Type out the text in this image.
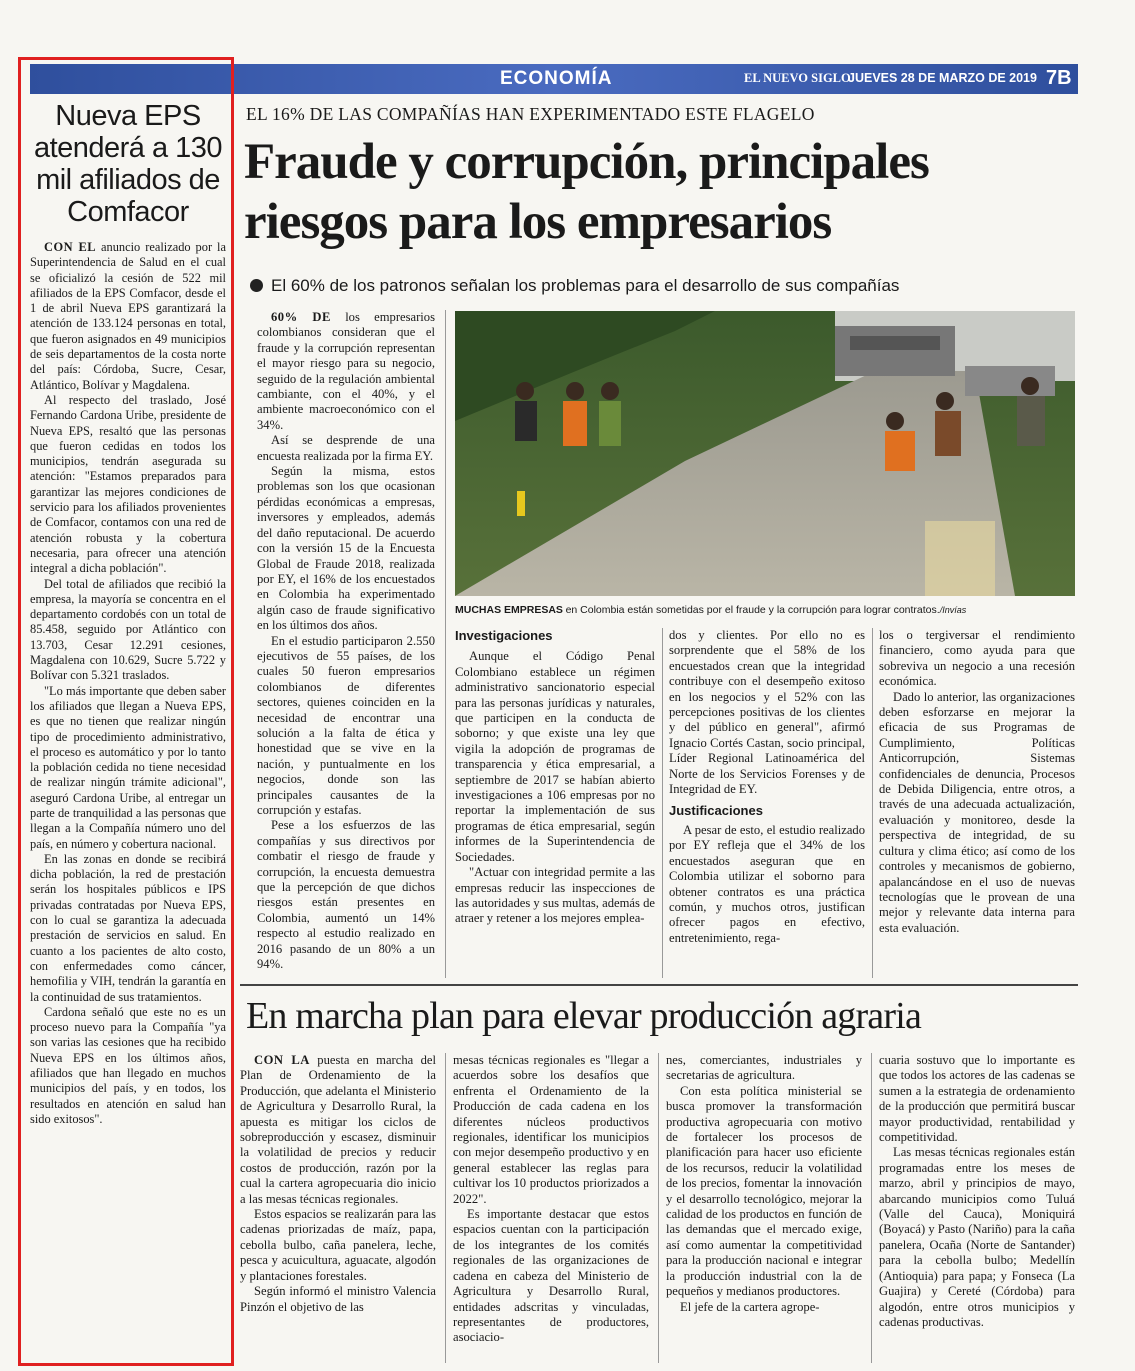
ECONOMÍA	EL NUEVO SIGLO
JUEVES 28 DE MARZO DE 2019 7B
Nueva EPS atenderá a 130 mil afiliados de Comfacor

CON EL anuncio realizado por la Superintendencia de Salud en el cual se oficializó la cesión de 522 mil afiliados de la EPS Comfacor, desde el 1 de abril Nueva EPS garantizará la atención de 133.124 personas en total, que fueron asignados en 49 municipios de seis departamentos de la costa norte del país: Córdoba, Sucre, Cesar, Atlántico, Bolívar y Magdalena.

Al respecto del traslado, José Fernando Cardona Uribe, presidente de Nueva EPS, resaltó que las personas que fueron cedidas en todos los municipios, tendrán asegurada su atención: "Estamos preparados para garantizar las mejores condiciones de servicio para los afiliados provenientes de Comfacor, contamos con una red de atención robusta y la cobertura necesaria, para ofrecer una atención integral a dicha población".

Del total de afiliados que recibió la empresa, la mayoría se concentra en el departamento cordobés con un total de 85.458, seguido por Atlántico con 13.703, Cesar 12.291 cesiones, Magdalena con 10.629, Sucre 5.722 y Bolívar con 5.321 traslados.

"Lo más importante que deben saber los afiliados que llegan a Nueva EPS, es que no tienen que realizar ningún tipo de procedimiento administrativo, el proceso es automático y por lo tanto la población cedida no tiene necesidad de realizar ningún trámite adicional", aseguró Cardona Uribe, al entregar un parte de tranquilidad a las personas que llegan a la Compañía número uno del país, en número y cobertura nacional.

En las zonas en donde se recibirá dicha población, la red de prestación serán los hospitales públicos e IPS privadas contratadas por Nueva EPS, con lo cual se garantiza la adecuada prestación de servicios en salud. En cuanto a los pacientes de alto costo, con enfermedades como cáncer, hemofilia y VIH, tendrán la garantía en la continuidad de sus tratamientos.

Cardona señaló que este no es un proceso nuevo para la Compañía "ya son varias las cesiones que ha recibido Nueva EPS en los últimos años, afiliados que han llegado en muchos municipios del país, y en todos, los resultados en atención en salud han sido exitosos".

EL 16% DE LAS COMPAÑÍAS HAN EXPERIMENTADO ESTE FLAGELO
Fraude y corrupción, principales riesgos para los empresarios
El 60% de los patronos señalan los problemas para el desarrollo de sus compañías

60% DE los empresarios colombianos consideran que el fraude y la corrupción representan el mayor riesgo para su negocio, seguido de la regulación ambiental cambiante, con el 40%, y el ambiente macroeconómico con el 34%.

Así se desprende de una encuesta realizada por la firma EY.

Según la misma, estos problemas son los que ocasionan pérdidas económicas a empresas, inversores y empleados, además del daño reputacional. De acuerdo con la versión 15 de la Encuesta Global de Fraude 2018, realizada por EY, el 16% de los encuestados en Colombia ha experimentado algún caso de fraude significativo en los últimos dos años.

En el estudio participaron 2.550 ejecutivos de 55 países, de los cuales 50 fueron empresarios colombianos de diferentes sectores, quienes coinciden en la necesidad de encontrar una solución a la falta de ética y honestidad que se vive en la nación, y puntualmente en los negocios, donde son las principales causantes de la corrupción y estafas.

Pese a los esfuerzos de las compañías y sus directivos por combatir el riesgo de fraude y corrupción, la encuesta demuestra que la percepción de que dichos riesgos están presentes en Colombia, aumentó un 14% respecto al estudio realizado en 2016 pasando de un 80% a un 94%.

MUCHAS EMPRESAS en Colombia están sometidas por el fraude y la corrupción para lograr contratos./Invías
Investigaciones

Aunque el Código Penal Colombiano establece un régimen administrativo sancionatorio especial para las personas jurídicas y naturales, que participen en la conducta de soborno; y que existe una ley que vigila la adopción de programas de transparencia y ética empresarial, a septiembre de 2017 se habían abierto investigaciones a 106 empresas por no reportar la implementación de sus programas de ética empresarial, según informes de la Superintendencia de Sociedades.

"Actuar con integridad permite a las empresas reducir las inspecciones de las autoridades y sus multas, además de atraer y retener a los mejores emplea-

dos y clientes. Por ello no es sorprendente que el 58% de los encuestados crean que la integridad contribuye con el desempeño exitoso en los negocios y el 52% con las percepciones positivas de los clientes y del público en general", afirmó Ignacio Cortés Castan, socio principal, Líder Regional Latinoamérica del Norte de los Servicios Forenses y de Integridad de EY.

Justificaciones

A pesar de esto, el estudio realizado por EY refleja que el 34% de los encuestados aseguran que en Colombia utilizar el soborno para obtener contratos es una práctica común, y muchos otros, justifican ofrecer pagos en efectivo, entretenimiento, rega-

los o tergiversar el rendimiento financiero, como ayuda para que sobreviva un negocio a una recesión económica.

Dado lo anterior, las organizaciones deben esforzarse en mejorar la eficacia de sus Programas de Cumplimiento, Políticas Anticorrupción, Sistemas confidenciales de denuncia, Procesos de Debida Diligencia, entre otros, a través de una adecuada actualización, evaluación y monitoreo, desde la perspectiva de integridad, de su cultura y clima ético; así como de los controles y mecanismos de gobierno, apalancándose en el uso de nuevas tecnologías que le provean de una mejor y relevante data interna para esta evaluación.

En marcha plan para elevar producción agraria

CON LA puesta en marcha del Plan de Ordenamiento de la Producción, que adelanta el Ministerio de Agricultura y Desarrollo Rural, la apuesta es mitigar los ciclos de sobreproducción y escasez, disminuir la volatilidad de precios y reducir costos de producción, razón por la cual la cartera agropecuaria dio inicio a las mesas técnicas regionales.

Estos espacios se realizarán para las cadenas priorizadas de maíz, papa, cebolla bulbo, caña panelera, leche, pesca y acuicultura, aguacate, algodón y plantaciones forestales.

Según informó el ministro Valencia Pinzón el objetivo de las

mesas técnicas regionales es "llegar a acuerdos sobre los desafíos que enfrenta el Ordenamiento de la Producción de cada cadena en los diferentes núcleos productivos regionales, identificar los municipios con mejor desempeño productivo y en general establecer las reglas para cultivar los 10 productos priorizados a 2022".

Es importante destacar que estos espacios cuentan con la participación de los integrantes de los comités regionales de las organizaciones de cadena en cabeza del Ministerio de Agricultura y Desarrollo Rural, entidades adscritas y vinculadas, representantes de productores, asociacio-

nes, comerciantes, industriales y secretarias de agricultura.

Con esta política ministerial se busca promover la transformación productiva agropecuaria con motivo de fortalecer los procesos de planificación para hacer uso eficiente de los recursos, reducir la volatilidad de los precios, fomentar la innovación y el desarrollo tecnológico, mejorar la calidad de los productos en función de las demandas que el mercado exige, así como aumentar la competitividad para la producción nacional e integrar la producción industrial con la de pequeños y medianos productores.

El jefe de la cartera agrope-

cuaria sostuvo que lo importante es que todos los actores de las cadenas se sumen a la estrategia de ordenamiento de la producción que permitirá buscar mayor productividad, rentabilidad y competitividad.

Las mesas técnicas regionales están programadas entre los meses de marzo, abril y principios de mayo, abarcando municipios como Tuluá (Valle del Cauca), Moniquirá (Boyacá) y Pasto (Nariño) para la caña panelera, Ocaña (Norte de Santander) para la cebolla bulbo; Medellín (Antioquia) para papa; y Fonseca (La Guajira) y Cereté (Córdoba) para algodón, entre otros municipios y cadenas productivas.
